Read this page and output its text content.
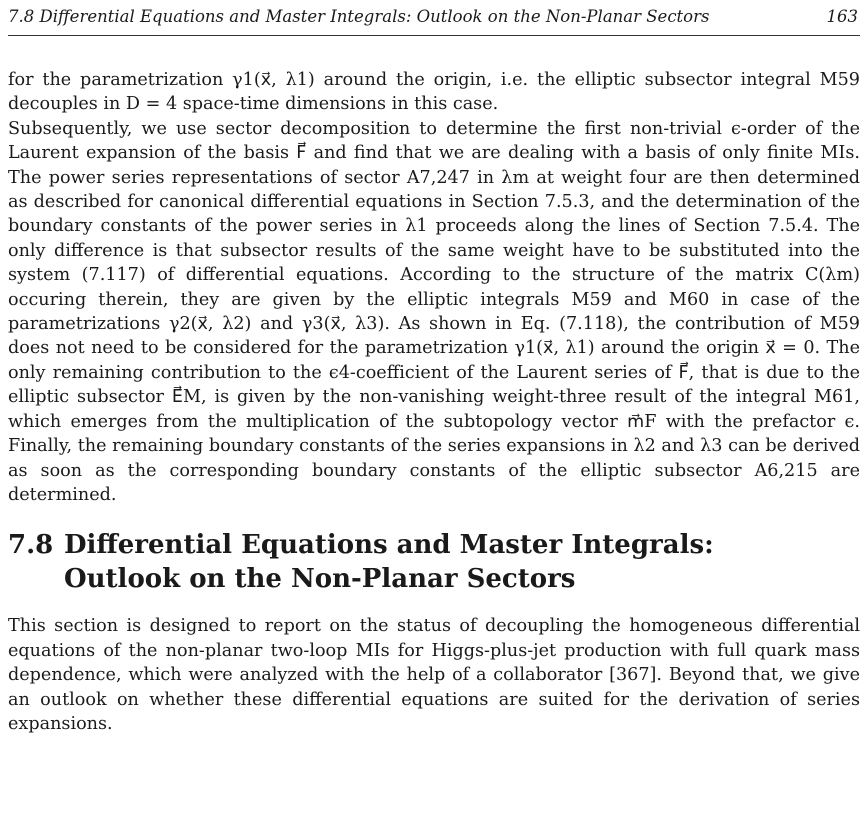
7.8 Differential Equations and Master Integrals: Outlook on the Non-Planar Sectors	163

for the parametrization γ1(x⃗, λ1) around the origin, i.e. the elliptic subsector integral M59 decouples in D = 4 space-time dimensions in this case.

Subsequently, we use sector decomposition to determine the first non-trivial ϵ-order of the Laurent expansion of the basis F⃗ and find that we are dealing with a basis of only finite MIs. The power series representations of sector A7,247 in λm at weight four are then determined as described for canonical differential equations in Section 7.5.3, and the determination of the boundary constants of the power series in λ1 proceeds along the lines of Section 7.5.4. The only difference is that subsector results of the same weight have to be substituted into the system (7.117) of differential equations. According to the structure of the matrix C(λm) occuring therein, they are given by the elliptic integrals M59 and M60 in case of the parametrizations γ2(x⃗, λ2) and γ3(x⃗, λ3). As shown in Eq. (7.118), the contribution of M59 does not need to be considered for the parametrization γ1(x⃗, λ1) around the origin x⃗ = 0. The only remaining contribution to the ϵ4-coefficient of the Laurent series of F⃗, that is due to the elliptic subsector E⃗M, is given by the non-vanishing weight-three result of the integral M61, which emerges from the multiplication of the subtopology vector m⃗F with the prefactor ϵ. Finally, the remaining boundary constants of the series expansions in λ2 and λ3 can be derived as soon as the corresponding boundary constants of the elliptic subsector A6,215 are determined.

7.8 Differential Equations and Master Integrals:
Outlook on the Non-Planar Sectors

This section is designed to report on the status of decoupling the homogeneous differential equations of the non-planar two-loop MIs for Higgs-plus-jet production with full quark mass dependence, which were analyzed with the help of a collaborator [367]. Beyond that, we give an outlook on whether these differential equations are suited for the derivation of series expansions.
